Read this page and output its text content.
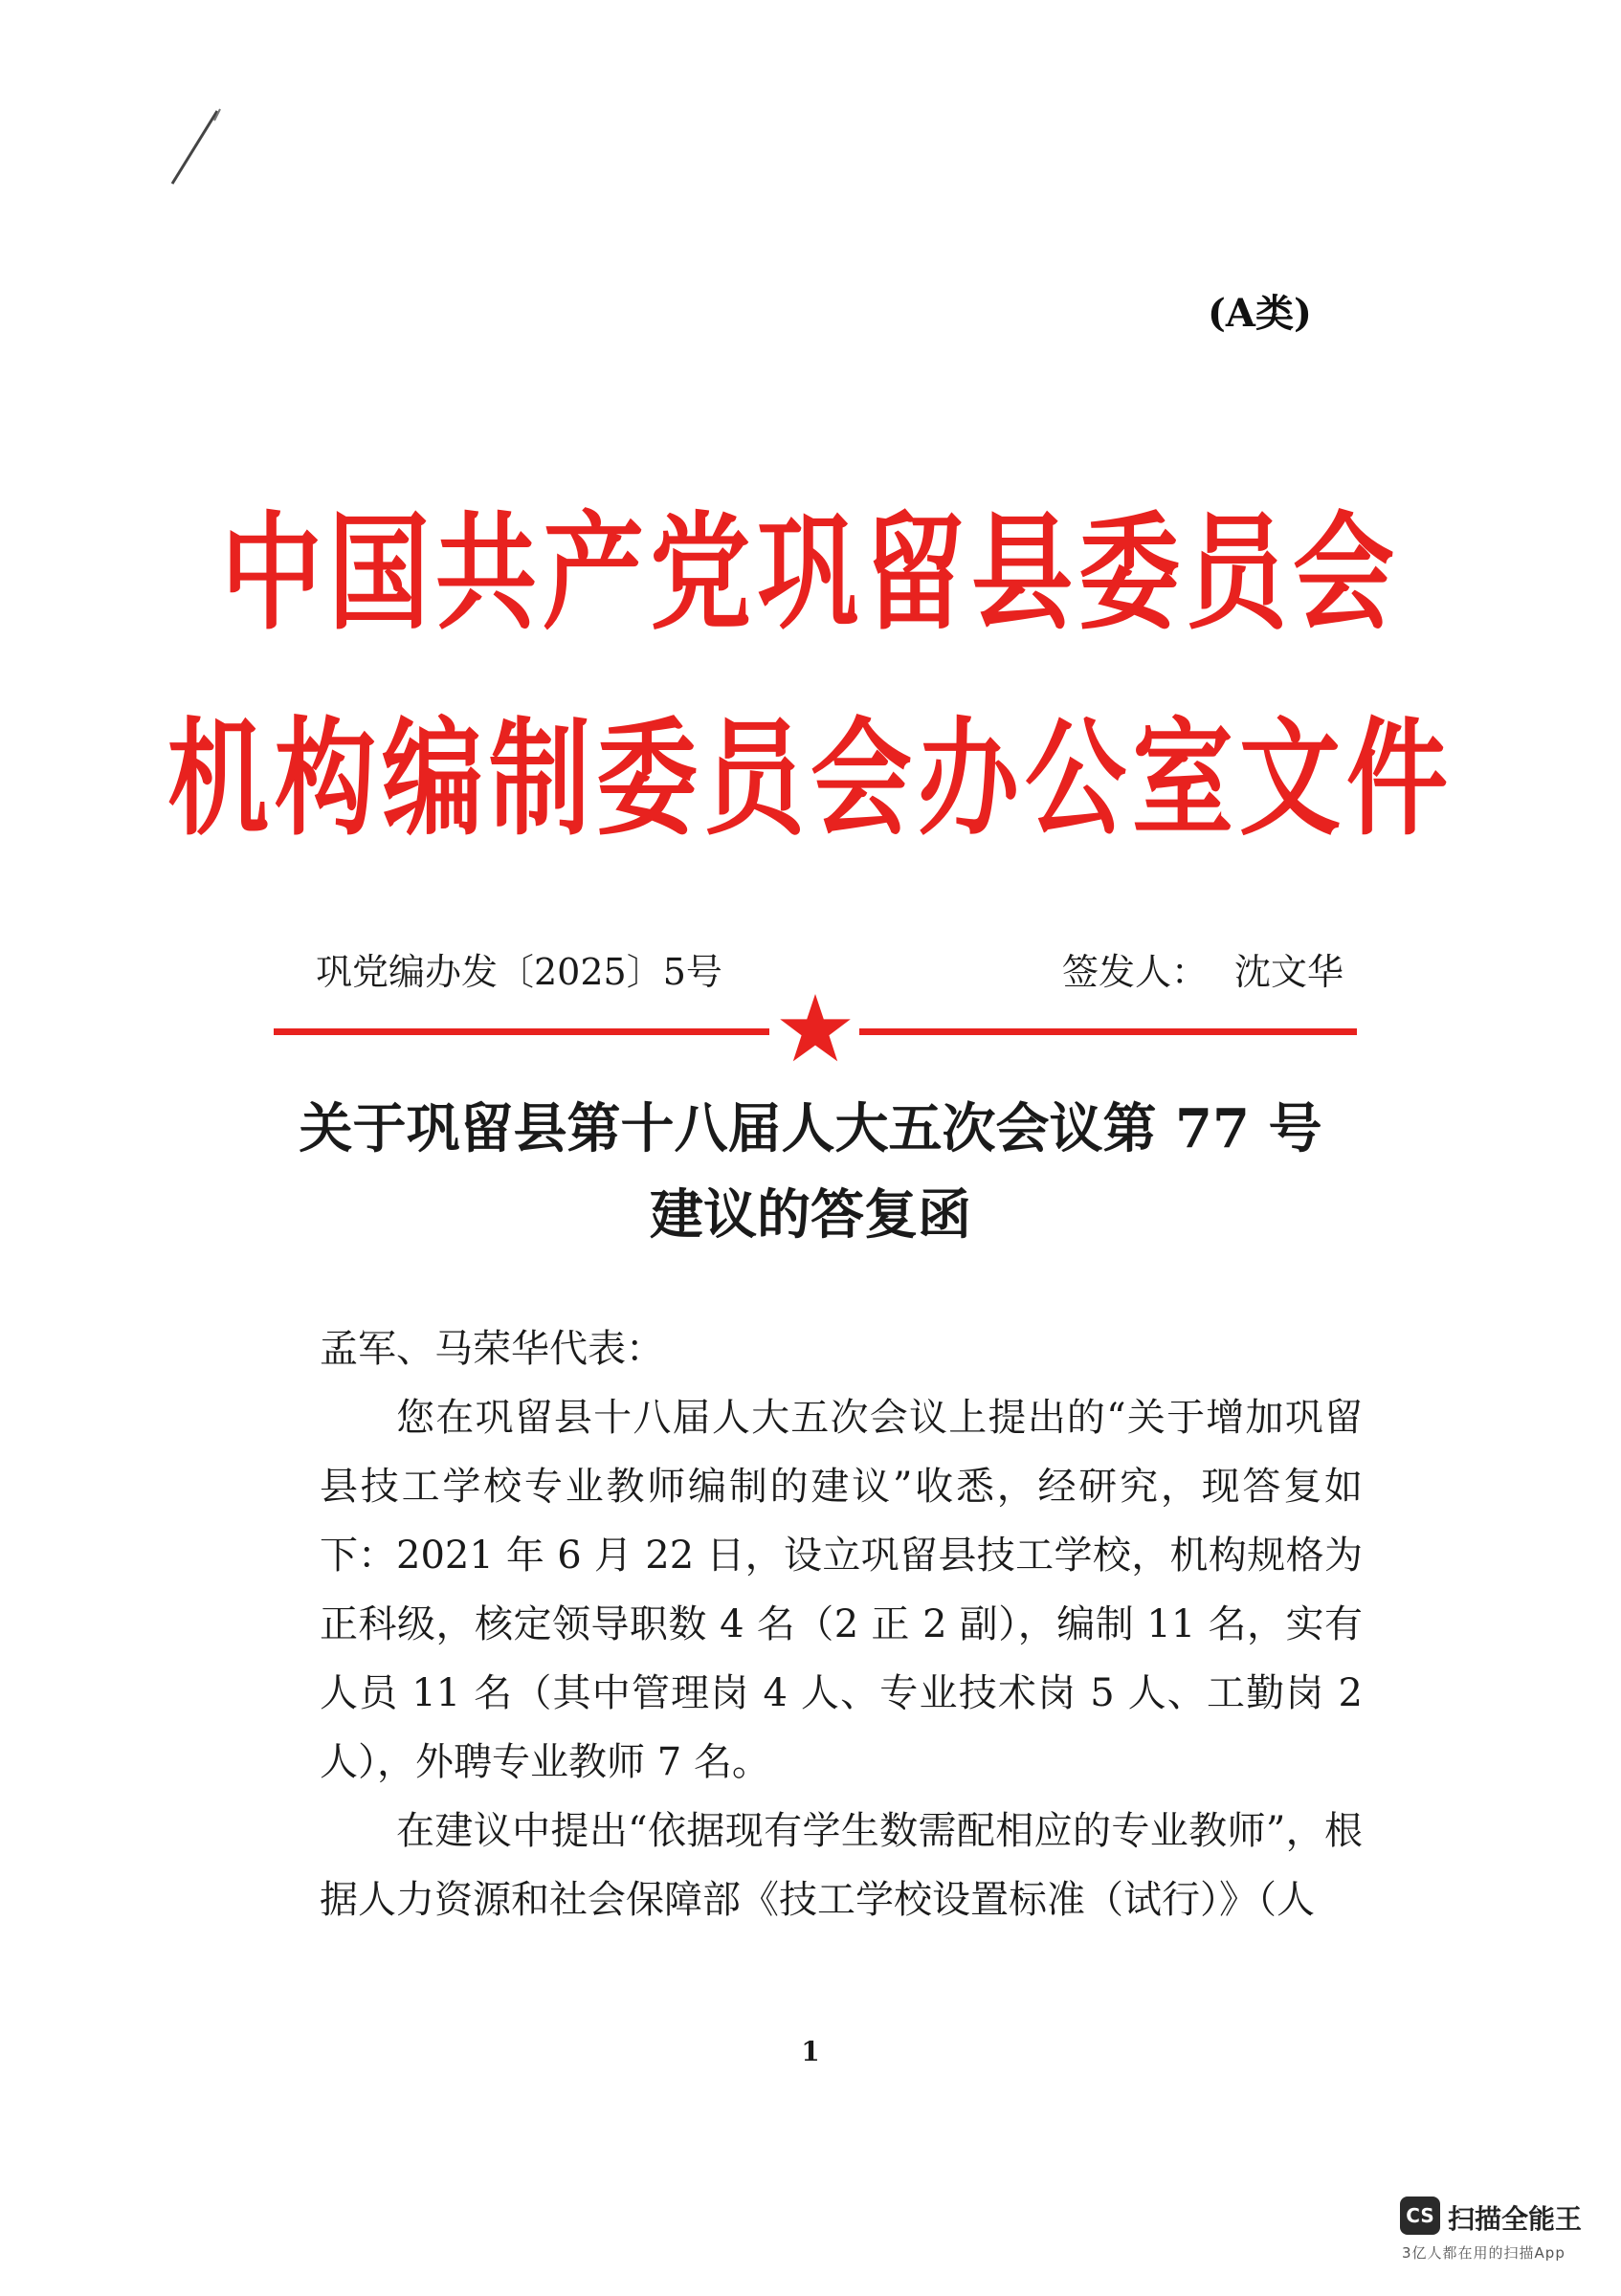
(A类)
中国共产党巩留县委员会
机构编制委员会办公室文件
巩党编办发〔2025〕5号	签发人： 沈文华
关于巩留县第十八届人大五次会议第 77 号
建议的答复函
孟军、马荣华代表：
您在巩留县十八届人大五次会议上提出的“关于增加巩留县技工学校专业教师编制的建议”收悉，经研究，现答复如下： 2021 年 6 月 22 日，设立巩留县技工学校，机构规格为正科级，核定领导职数 4 名（2 正 2 副），编制 11 名，实有人员 11 名（其中管理岗 4 人、专业技术岗 5 人、工勤岗 2 人），外聘专业教师 7 名。
在建议中提出“依据现有学生数需配相应的专业教师”，根据人力资源和社会保障部《技工学校设置标准（试行）》（人
1
CS 扫描全能王
3亿人都在用的扫描App
